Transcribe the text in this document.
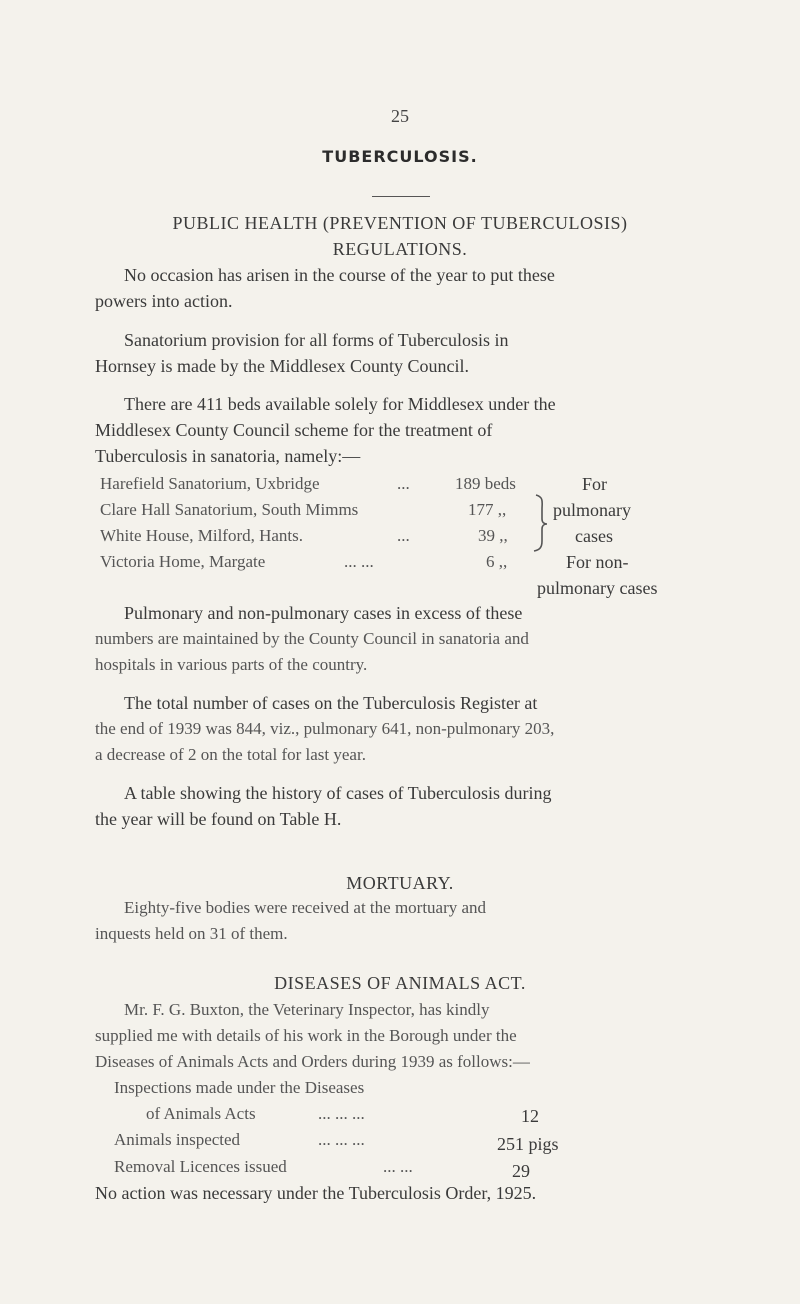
25
TUBERCULOSIS.
PUBLIC HEALTH (PREVENTION OF TUBERCULOSIS)
REGULATIONS.
No occasion has arisen in the course of the year to put these
powers into action.
Sanatorium provision for all forms of Tuberculosis in
Hornsey is made by the Middlesex County Council.
There are 411 beds available solely for Middlesex under the
Middlesex County Council scheme for the treatment of
Tuberculosis in sanatoria, namely:—
Harefield Sanatorium, Uxbridge	...	189 beds	For
Clare Hall Sanatorium, South Mimms	177 ,,	pulmonary
White House, Milford, Hants.	...	39 ,,	cases
Victoria Home, Margate	... ...	6 ,,	For non-
pulmonary cases
Pulmonary and non-pulmonary cases in excess of these
numbers are maintained by the County Council in sanatoria and
hospitals in various parts of the country.
The total number of cases on the Tuberculosis Register at
the end of 1939 was 844, viz., pulmonary 641, non-pulmonary 203,
a decrease of 2 on the total for last year.
A table showing the history of cases of Tuberculosis during
the year will be found on Table H.
MORTUARY.
Eighty-five bodies were received at the mortuary and
inquests held on 31 of them.
DISEASES OF ANIMALS ACT.
Mr. F. G. Buxton, the Veterinary Inspector, has kindly
supplied me with details of his work in the Borough under the
Diseases of Animals Acts and Orders during 1939 as follows:—
Inspections made under the Diseases
of Animals Acts	... ... ...	12
Animals inspected	... ... ...	251 pigs
Removal Licences issued	... ...	29
No action was necessary under the Tuberculosis Order, 1925.
